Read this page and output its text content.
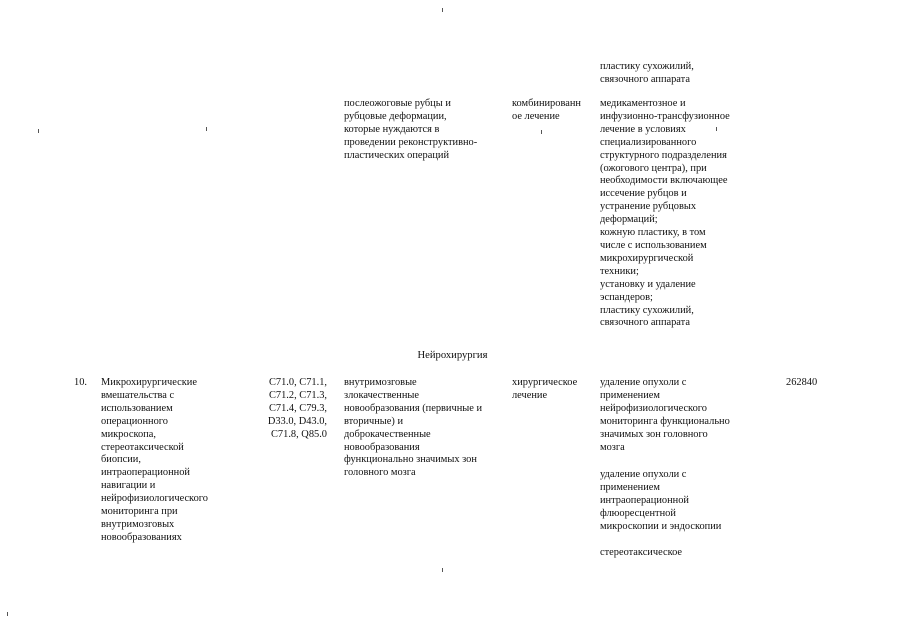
пластику сухожилий,
связочного аппарата
послеожоговые рубцы и
рубцовые деформации,
которые нуждаются в
проведении реконструктивно-
пластических операций
комбинированн
ое лечение
медикаментозное и
инфузионно-трансфузионное
лечение в условиях
специализированного
структурного подразделения
(ожогового центра), при
необходимости включающее
иссечение рубцов и
устранение рубцовых
деформаций;
кожную пластику, в том
числе с использованием
микрохирургической
техники;
установку и удаление
эспандеров;
пластику сухожилий,
связочного аппарата
Нейрохирургия
10.	Микрохирургические
вмешательства с
использованием
операционного
микроскопа,
стереотаксической
биопсии,
интраоперационной
навигации и
нейрофизиологического
мониторинга при
внутримозговых
новообразованиях
C71.0, C71.1,
C71.2, C71.3,
C71.4, C79.3,
D33.0, D43.0,
C71.8, Q85.0
внутримозговые
злокачественные
новообразования (первичные и
вторичные) и
доброкачественные
новообразования
функционально значимых зон
головного мозга
хирургическое
лечение
удаление опухоли с
применением
нейрофизиологического
мониторинга функционально
значимых зон головного
мозга
удаление опухоли с
применением
интраоперационной
флюоресцентной
микроскопии и эндоскопии
стереотаксическое
262840
